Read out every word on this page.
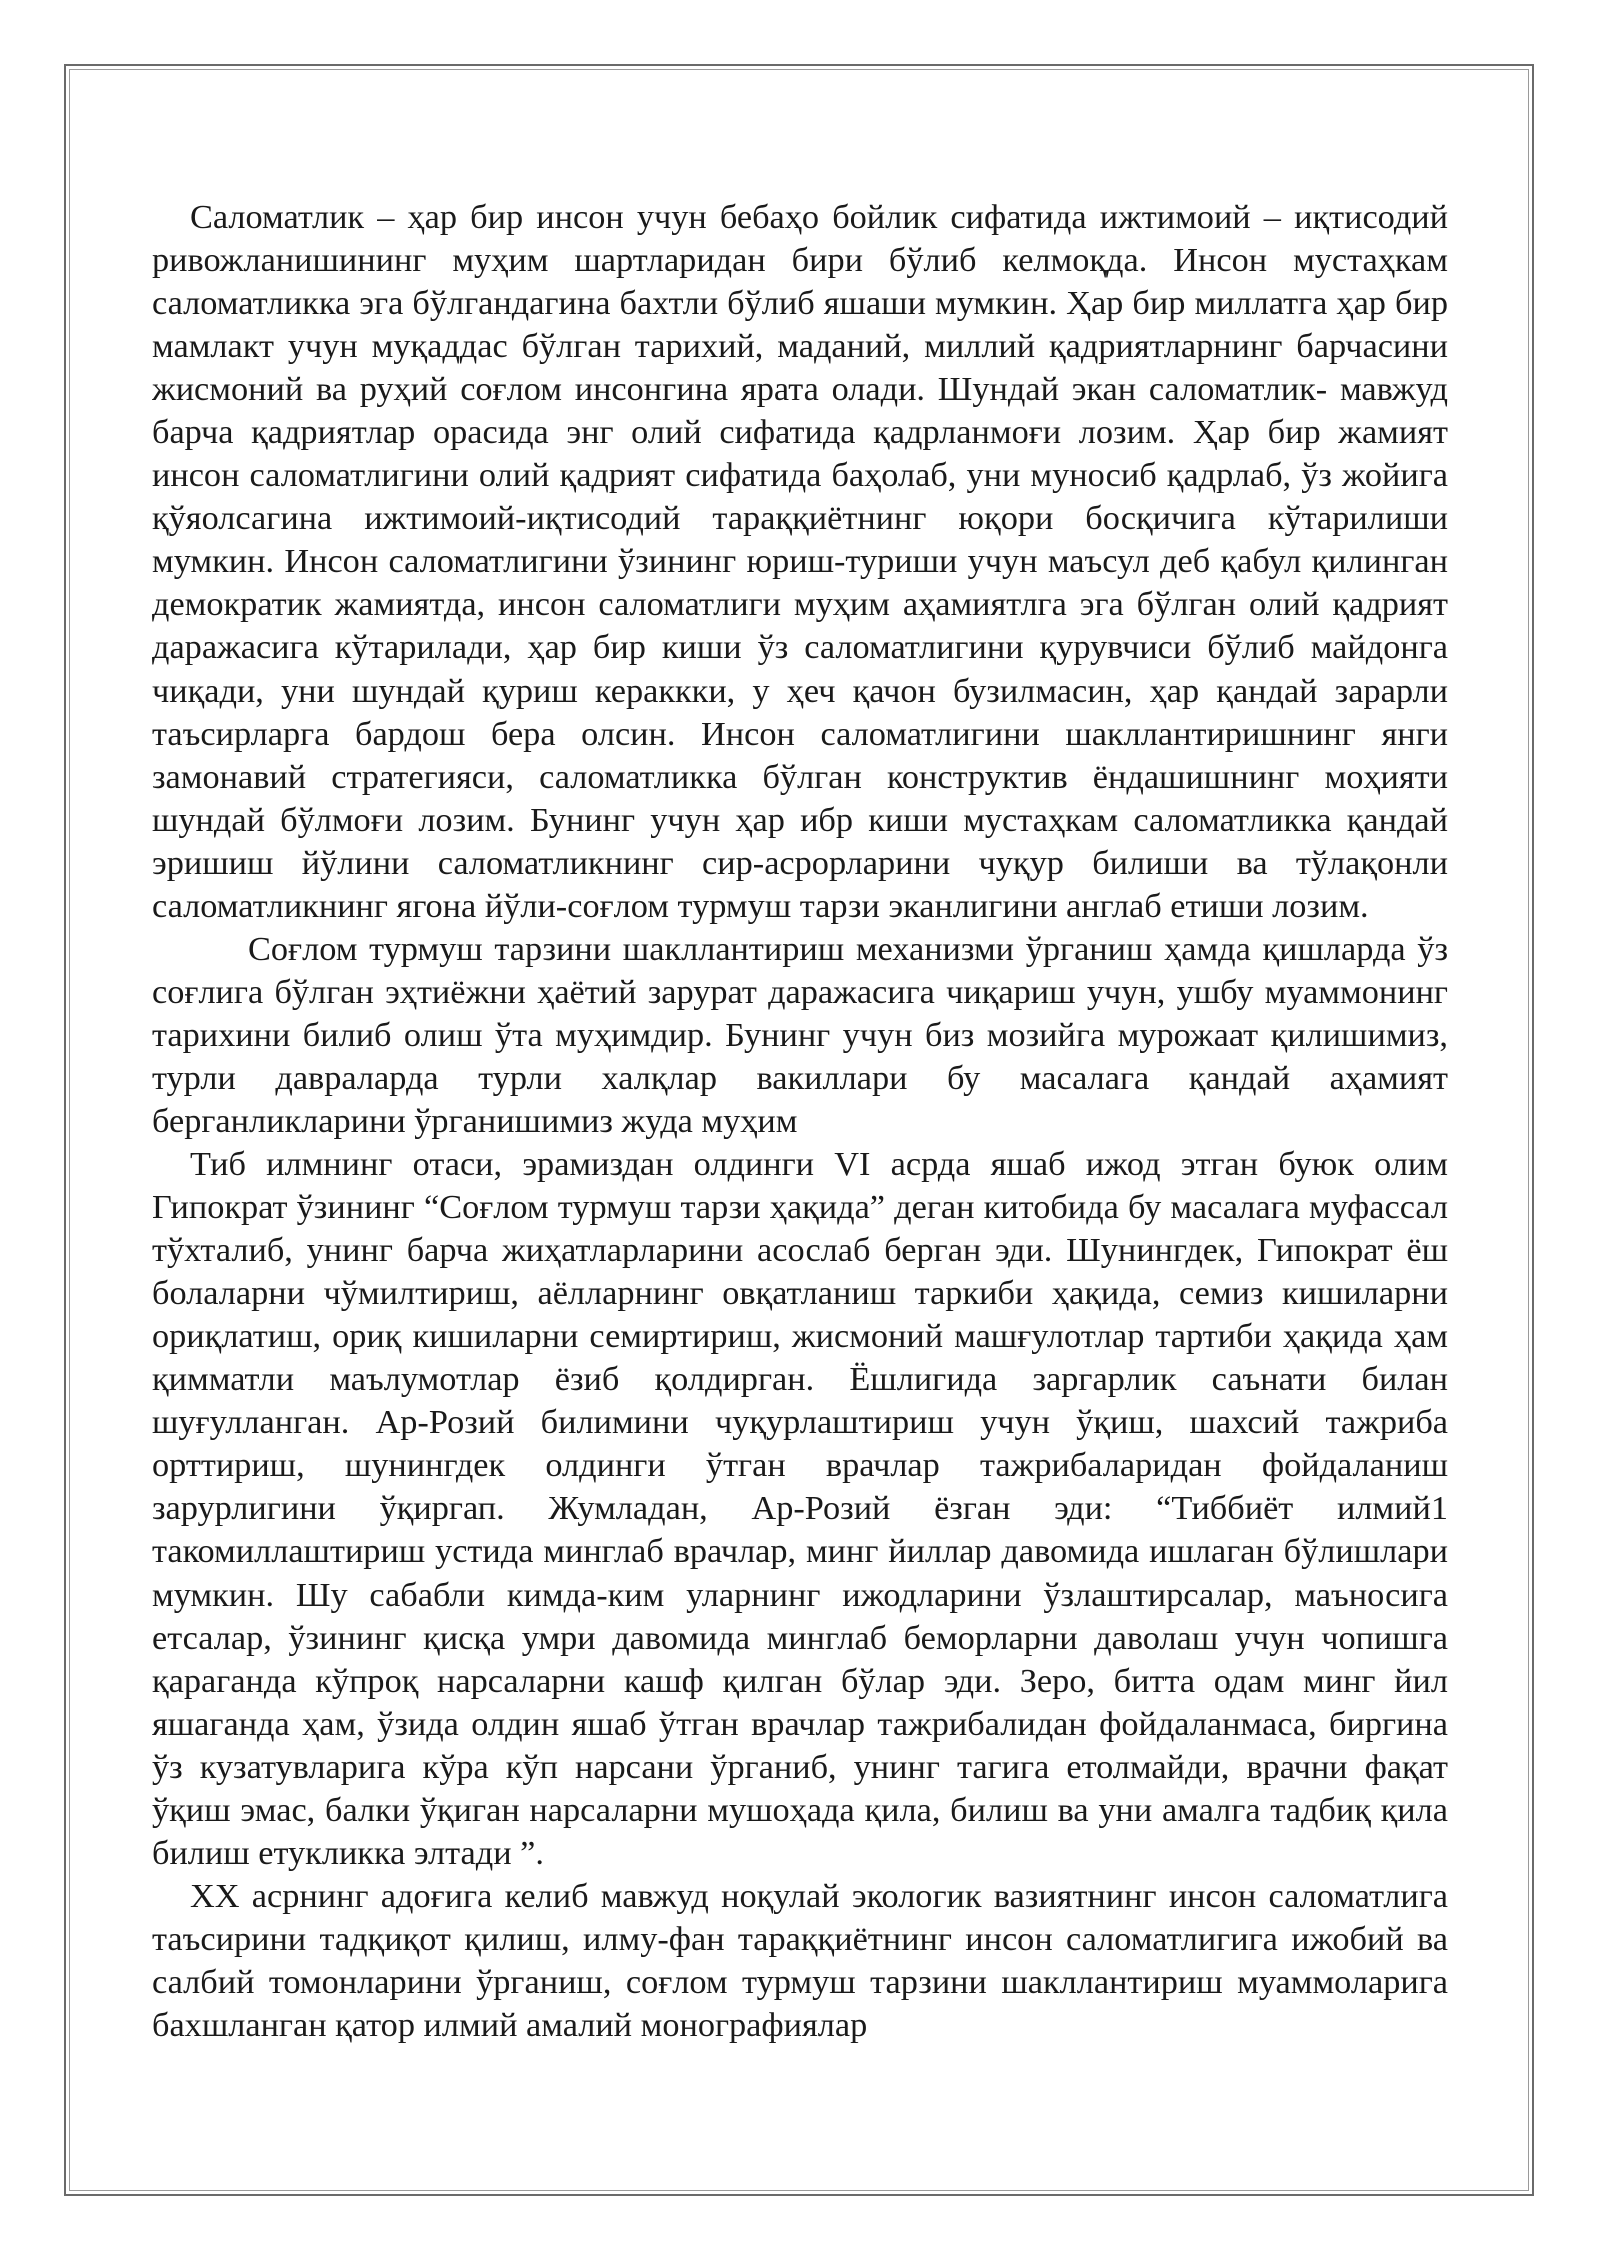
Саломатлик – ҳар бир инсон учун бебаҳо бойлик сифатида ижтимоий – иқтисодий ривожланишининг муҳим шартларидан бири бўлиб келмоқда. Инсон мустаҳкам саломатликка эга бўлгандагина бахтли бўлиб яшаши мумкин. Ҳар бир миллатга ҳар бир мамлакт учун муқаддас бўлган тарихий, маданий, миллий қадриятларнинг барчасини жисмоний ва руҳий соғлом инсонгина ярата олади. Шундай экан саломатлик- мавжуд барча қадриятлар орасида энг олий сифатида қадрланмоғи лозим. Ҳар бир жамият инсон саломатлигини олий қадрият сифатида баҳолаб, уни муносиб қадрлаб, ўз жойига қўяолсагина ижтимоий-иқтисодий тараққиётнинг юқори босқичига кўтарилиши мумкин. Инсон саломатлигини ўзининг юриш-туриши учун маъсул деб қабул қилинган демократик жамиятда, инсон саломатлиги муҳим аҳамиятлга эга бўлган олий қадрият даражасига кўтарилади, ҳар бир киши ўз саломатлигини қурувчиси бўлиб майдонга чиқади, уни шундай қуриш кераккки, у ҳеч қачон бузилмасин, ҳар қандай зарарли таъсирларга бардош бера олсин. Инсон саломатлигини шакллантиришнинг янги замонавий стратегияси, саломатликка бўлган конструктив ёндашишнинг моҳияти шундай бўлмоғи лозим. Бунинг учун ҳар ибр киши мустаҳкам саломатликка қандай эришиш йўлини саломатликнинг сир-асрорларини чуқур билиши ва тўлақонли саломатликнинг ягона йўли-соғлом турмуш тарзи эканлигини англаб етиши лозим.

Соғлом турмуш тарзини шакллантириш механизми ўрганиш ҳамда қишларда ўз соғлига бўлган эҳтиёжни ҳаётий зарурат даражасига чиқариш учун, ушбу муаммонинг тарихини билиб олиш ўта муҳимдир. Бунинг учун биз мозийга мурожаат қилишимиз, турли давраларда турли халқлар вакиллари бу масалага қандай аҳамият берганликларини ўрганишимиз жуда муҳим

Тиб илмнинг отаси, эрамиздан олдинги VI асрда яшаб ижод этган буюк олим Гипократ ўзининг “Соғлом турмуш тарзи ҳақида” деган китобида бу масалага муфассал тўхталиб, унинг барча жиҳатларларини асослаб берган эди. Шунингдек, Гипократ ёш болаларни чўмилтириш, аёлларнинг овқатланиш таркиби ҳақида, семиз кишиларни ориқлатиш, ориқ кишиларни семиртириш, жисмоний машғулотлар тартиби ҳақида ҳам қимматли маълумотлар ёзиб қолдирган. Ёшлигида заргарлик саънати билан шуғулланган. Ар-Розий билимини чуқурлаштириш учун ўқиш, шахсий тажриба орттириш, шунингдек олдинги ўтган врачлар тажрибаларидан фойдаланиш зарурлигини ўқиргап. Жумладан, Ар-Розий ёзган эди: “Тиббиёт илмий1 такомиллаштириш устида минглаб врачлар, минг йиллар давомида ишлаган бўлишлари мумкин. Шу сабабли кимда-ким уларнинг ижодларини ўзлаштирсалар, маъносига етсалар, ўзининг қисқа умри давомида минглаб беморларни даволаш учун чопишга қараганда кўпроқ нарсаларни кашф қилган бўлар эди. Зеро, битта одам минг йил яшаганда ҳам, ўзида олдин яшаб ўтган врачлар тажрибалидан фойдаланмаса, биргина ўз кузатувларига кўра кўп нарсани ўрганиб, унинг тагига етолмайди, врачни фақат ўқиш эмас, балки ўқиган нарсаларни мушоҳада қила, билиш ва уни амалга тадбиқ қила билиш етукликка элтади ”.

XX асрнинг адоғига келиб мавжуд ноқулай экологик вазиятнинг инсон саломатлига таъсирини тадқиқот қилиш, илму-фан тараққиётнинг инсон саломатлигига ижобий ва салбий томонларини ўрганиш, соғлом турмуш тарзини шакллантириш муаммоларига бахшланган қатор илмий амалий монографиялар
